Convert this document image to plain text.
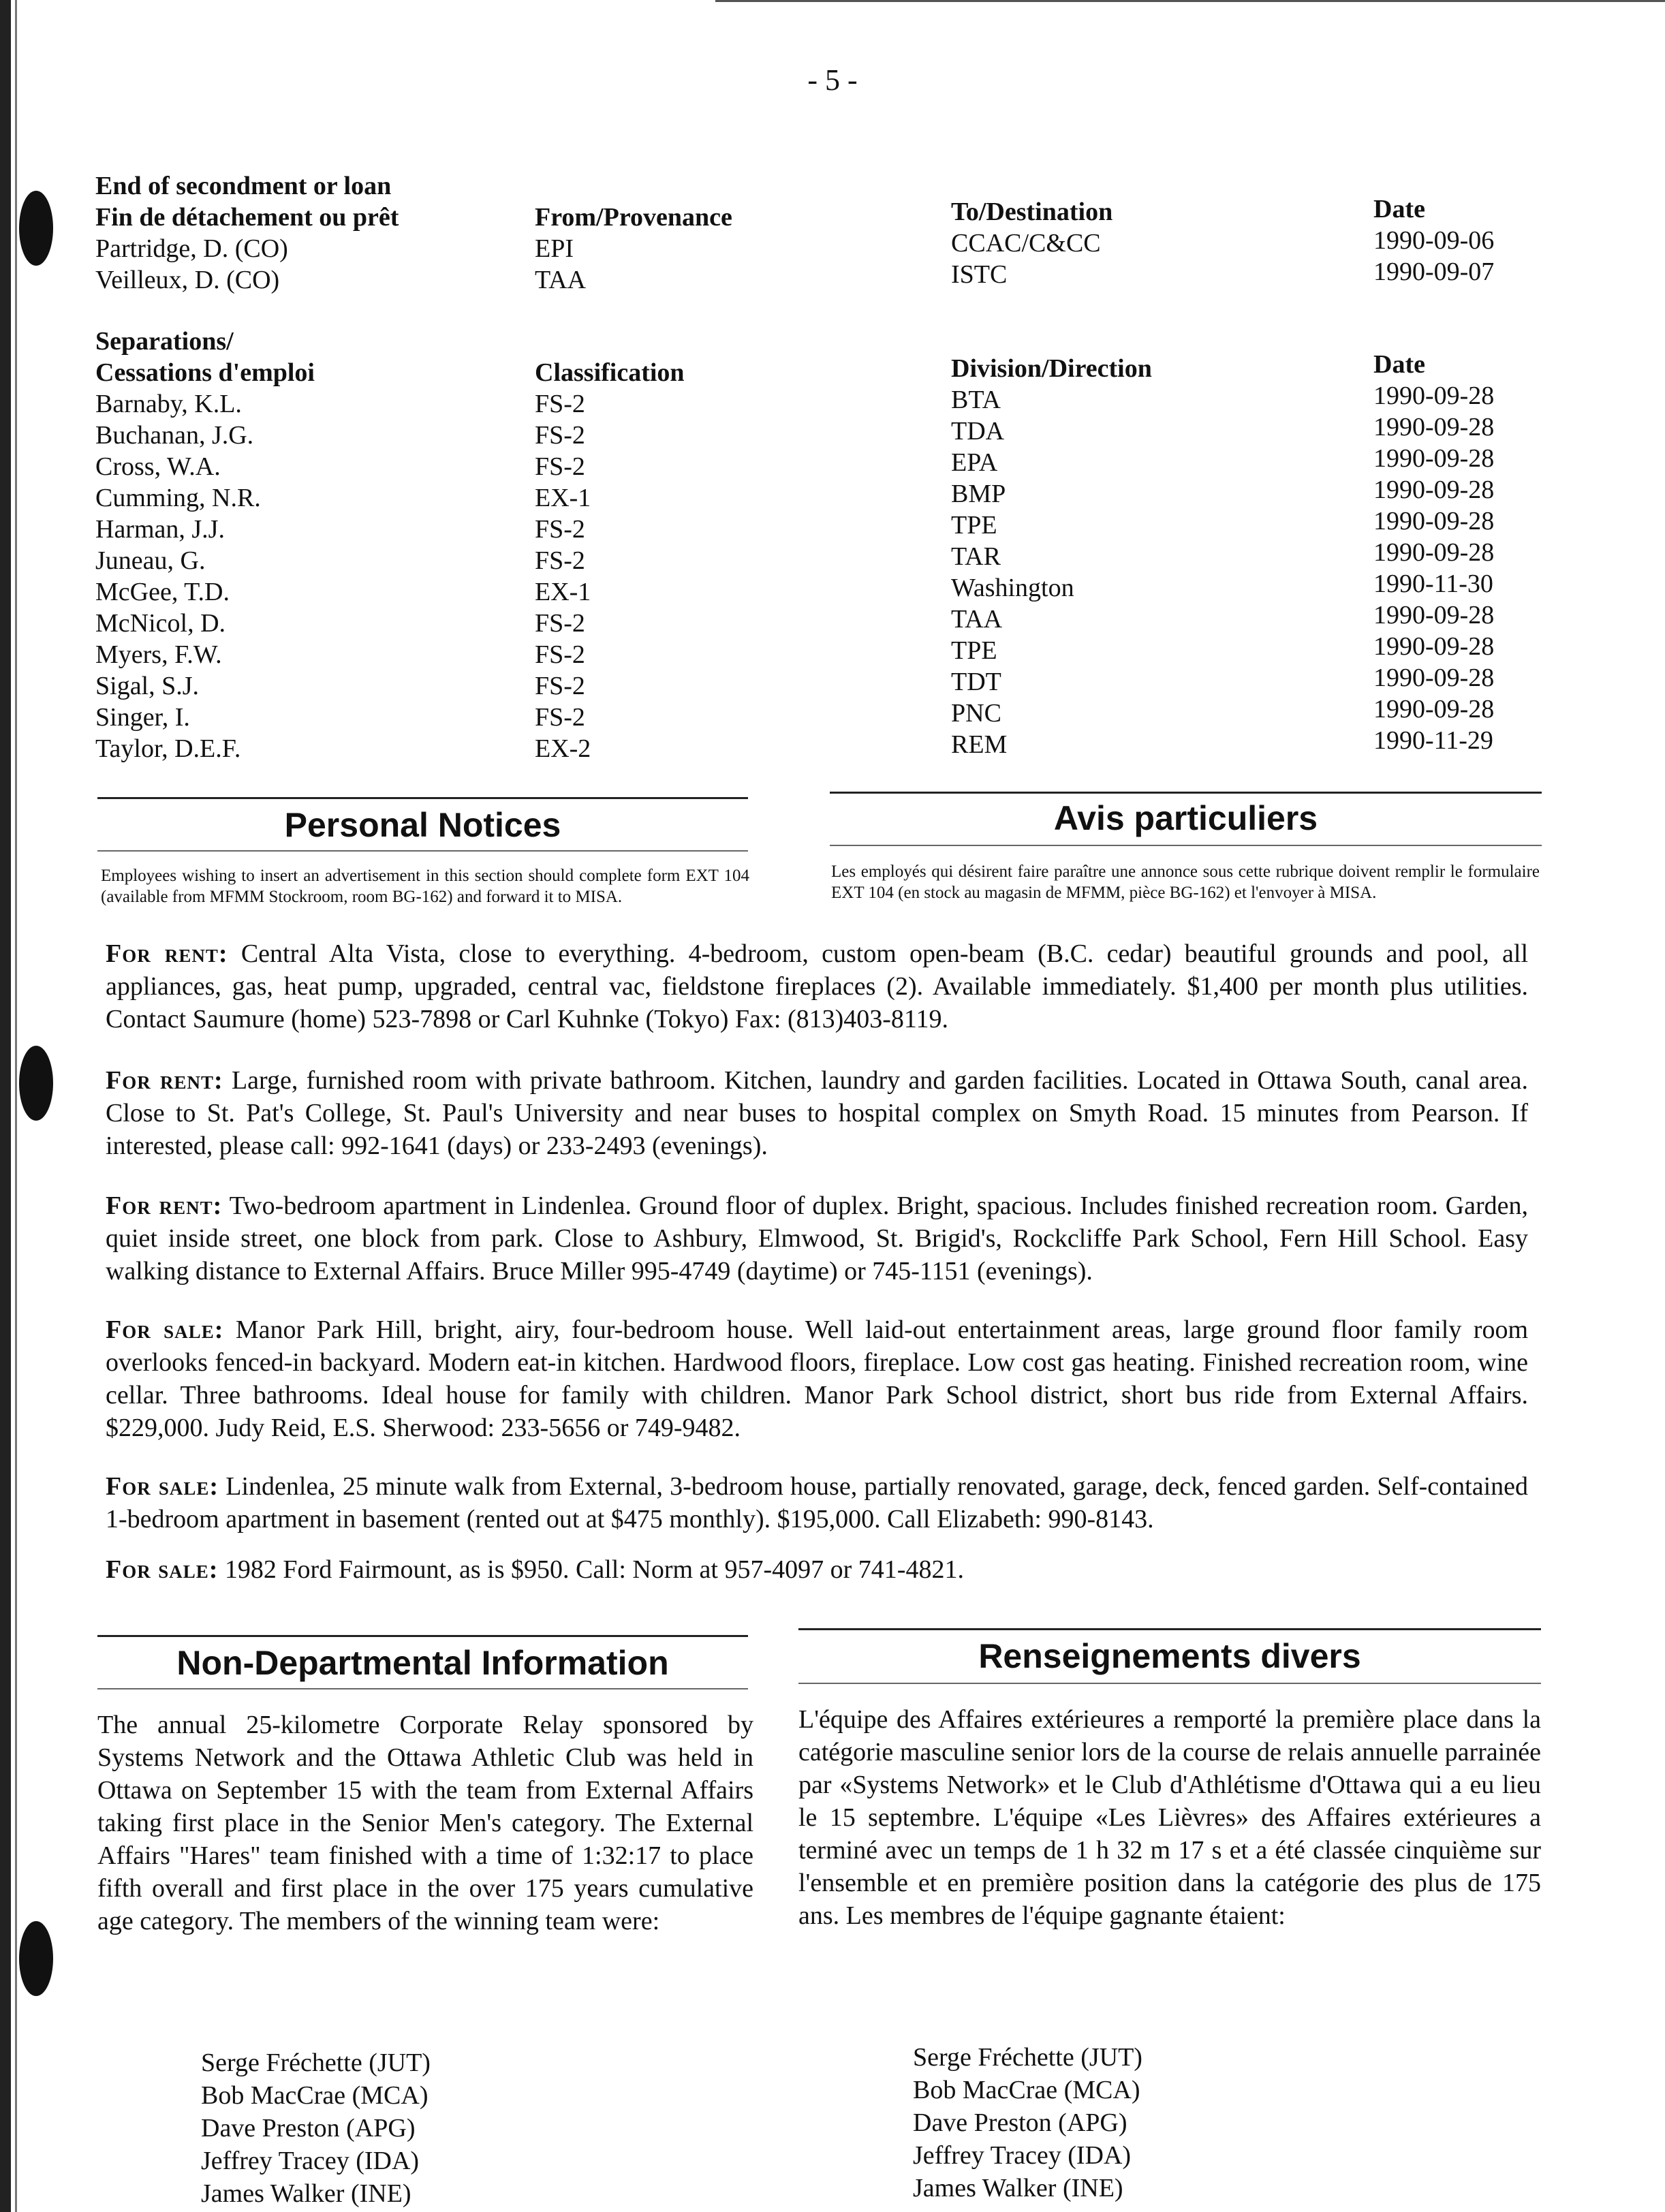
- 5 -
End of secondment or loan
Fin de détachement ou prêt	From/Provenance	To/Destination	Date
Partridge, D. (CO)	EPI	CCAC/C&CC	1990-09-06
Veilleux, D. (CO)	TAA	ISTC	1990-09-07
Separations/
Cessations d'emploi	Classification	Division/Direction	Date
Barnaby, K.L.	FS-2	BTA	1990-09-28
Buchanan, J.G.	FS-2	TDA	1990-09-28
Cross, W.A.	FS-2	EPA	1990-09-28
Cumming, N.R.	EX-1	BMP	1990-09-28
Harman, J.J.	FS-2	TPE	1990-09-28
Juneau, G.	FS-2	TAR	1990-09-28
McGee, T.D.	EX-1	Washington	1990-11-30
McNicol, D.	FS-2	TAA	1990-09-28
Myers, F.W.	FS-2	TPE	1990-09-28
Sigal, S.J.	FS-2	TDT	1990-09-28
Singer, I.	FS-2	PNC	1990-09-28
Taylor, D.E.F.	EX-2	REM	1990-11-29
Personal Notices	Avis particuliers
Employees wishing to insert an advertisement in this section should complete form EXT 104 (available from MFMM Stockroom, room BG-162) and forward it to MISA.
Les employés qui désirent faire paraître une annonce sous cette rubrique doivent remplir le formulaire EXT 104 (en stock au magasin de MFMM, pièce BG-162) et l'envoyer à MISA.
For rent: Central Alta Vista, close to everything. 4-bedroom, custom open-beam (B.C. cedar) beautiful grounds and pool, all appliances, gas, heat pump, upgraded, central vac, fieldstone fireplaces (2). Available immediately. $1,400 per month plus utilities. Contact Saumure (home) 523-7898 or Carl Kuhnke (Tokyo) Fax: (813)403-8119.
For rent: Large, furnished room with private bathroom. Kitchen, laundry and garden facilities. Located in Ottawa South, canal area. Close to St. Pat's College, St. Paul's University and near buses to hospital complex on Smyth Road. 15 minutes from Pearson. If interested, please call: 992-1641 (days) or 233-2493 (evenings).
For rent: Two-bedroom apartment in Lindenlea. Ground floor of duplex. Bright, spacious. Includes finished recreation room. Garden, quiet inside street, one block from park. Close to Ashbury, Elmwood, St. Brigid's, Rockcliffe Park School, Fern Hill School. Easy walking distance to External Affairs. Bruce Miller 995-4749 (daytime) or 745-1151 (evenings).
For sale: Manor Park Hill, bright, airy, four-bedroom house. Well laid-out entertainment areas, large ground floor family room overlooks fenced-in backyard. Modern eat-in kitchen. Hardwood floors, fireplace. Low cost gas heating. Finished recreation room, wine cellar. Three bathrooms. Ideal house for family with children. Manor Park School district, short bus ride from External Affairs. $229,000. Judy Reid, E.S. Sherwood: 233-5656 or 749-9482.
For sale: Lindenlea, 25 minute walk from External, 3-bedroom house, partially renovated, garage, deck, fenced garden. Self-contained 1-bedroom apartment in basement (rented out at $475 monthly). $195,000. Call Elizabeth: 990-8143.
For sale: 1982 Ford Fairmount, as is $950. Call: Norm at 957-4097 or 741-4821.
Non-Departmental Information	Renseignements divers
The annual 25-kilometre Corporate Relay sponsored by Systems Network and the Ottawa Athletic Club was held in Ottawa on September 15 with the team from External Affairs taking first place in the Senior Men's category. The External Affairs "Hares" team finished with a time of 1:32:17 to place fifth overall and first place in the over 175 years cumulative age category. The members of the winning team were:
L'équipe des Affaires extérieures a remporté la première place dans la catégorie masculine senior lors de la course de relais annuelle parrainée par «Systems Network» et le Club d'Athlétisme d'Ottawa qui a eu lieu le 15 septembre. L'équipe «Les Lièvres» des Affaires extérieures a terminé avec un temps de 1 h 32 m 17 s et a été classée cinquième sur l'ensemble et en première position dans la catégorie des plus de 175 ans. Les membres de l'équipe gagnante étaient:
Serge Fréchette (JUT)
Bob MacCrae (MCA)
Dave Preston (APG)
Jeffrey Tracey (IDA)
James Walker (INE)
Serge Fréchette (JUT)
Bob MacCrae (MCA)
Dave Preston (APG)
Jeffrey Tracey (IDA)
James Walker (INE)
